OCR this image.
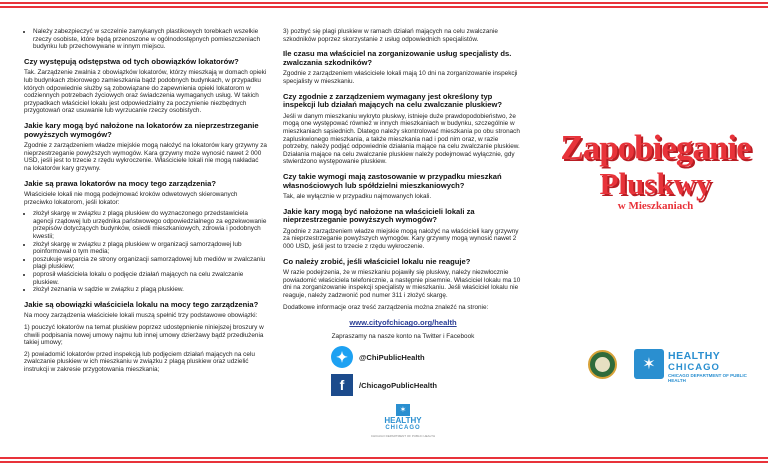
• Należy zabezpieczyć w szczelnie zamykanych plastikowych torebkach wszelkie rzeczy osobiste, które będą przenoszone w ogólnodostępnych pomieszczeniach budynku lub przechowywane w innym miejscu.
Czy występują odstępstwa od tych obowiązków lokatorów?

Tak. Zarządzenie zwalnia z obowiązków lokatorów, którzy mieszkają w domach opieki lub budynkach zbiorowego zamieszkania bądź podobnych budynkach, w przypadku których odpowiednie służby są zobowiązane do zapewnienia opieki lokatorom w codziennych potrzebach życiowych oraz świadczenia wymaganych usług. W takich przypadkach właściciel lokalu jest odpowiedzialny za poczynienie niezbędnych przygotowań oraz usuwanie lub wyrzucanie rzeczy osobistych.

Jakie kary mogą być nałożone na lokatorów za nieprzestrzeganie powyższych wymogów?

Zgodnie z zarządzeniem władze miejskie mogą nałożyć na lokatorów kary grzywny za nieprzestrzeganie powyższych wymogów. Kara grzywny może wynosić nawet 2 000 USD, jeśli jest to trzecie z rzędu wykroczenie. Właściciele lokali nie mogą nakładać na lokatorów kary grzywny.

Jakie są prawa lokatorów na mocy tego zarządzenia?

Właściciele lokali nie mogą podejmować kroków odwetowych skierowanych przeciwko lokatorom, jeśli lokator:

• złożył skargę w związku z plagą pluskiew do wyznaczonego przedstawiciela agencji rządowej lub urzędnika państwowego odpowiedzialnego za egzekwowanie przepisów dotyczących budynków, osiedli mieszkaniowych, zdrowia i podobnych kwestii;
• złożył skargę w związku z plagą pluskiew w organizacji samorządowej lub poinformował o tym media;
• poszukuje wsparcia ze strony organizacji samorządowej lub mediów w zwalczaniu plagi pluskiew;
• poprosił właściciela lokalu o podjęcie działań mających na celu zwalczanie pluskiew.
• złożył zeznania w sądzie w związku z plagą pluskiew.
Jakie są obowiązki właściciela lokalu na mocy tego zarządzenia?

Na mocy zarządzenia właściciele lokali muszą spełnić trzy podstawowe obowiązki:

1) pouczyć lokatorów na temat pluskiew poprzez udostępnienie niniejszej broszury w chwili podpisania nowej umowy najmu lub innej umowy dzierżawy bądź przedłużenia takiej umowy;

2) powiadomić lokatorów przed inspekcją lub podjęciem działań mających na celu zwalczanie pluskiew w ich mieszkaniu w związku z plagą pluskiew oraz udzielić instrukcji w zakresie przygotowania mieszkania;

3) pozbyć się plagi pluskiew w ramach działań mających na celu zwalczanie szkodników poprzez skorzystanie z usług odpowiednich specjalistów.

Ile czasu ma właściciel na zorganizowanie usług specjalisty ds. zwalczania szkodników?

Zgodnie z zarządzeniem właściciele lokali mają 10 dni na zorganizowanie inspekcji specjalisty w mieszkaniu.

Czy zgodnie z zarządzeniem wymagany jest określony typ inspekcji lub działań mających na celu zwalczanie pluskiew?

Jeśli w danym mieszkaniu wykryto pluskwy, istnieje duże prawdopodobieństwo, że mogą one występować również w innych mieszkaniach w budynku, szczególnie w mieszkaniach sąsiednich. Dlatego należy skontrolować mieszkania po obu stronach zapluskwionego mieszkania, a także mieszkania nad i pod nim oraz, w razie potrzeby, należy podjąć odpowiednie działania mające na celu zwalczanie pluskiew. Działania mające na celu zwalczanie pluskiew należy podejmować wyłącznie, gdy stwierdzono występowanie pluskiew.

Czy takie wymogi mają zastosowanie w przypadku mieszkań własnościowych lub spółdzielni mieszkaniowych?

Tak, ale wyłącznie w przypadku najmowanych lokali.

Jakie kary mogą być nałożone na właścicieli lokali za nieprzestrzeganie powyższych wymogów?

Zgodnie z zarządzeniem władze miejskie mogą nałożyć na właścicieli kary grzywny za nieprzestrzeganie powyższych wymogów. Kary grzywny mogą wynosić nawet 2 000 USD, jeśli jest to trzecie z rzędu wykroczenie.

Co należy zrobić, jeśli właściciel lokalu nie reaguje?

W razie podejrzenia, że w mieszkaniu pojawiły się pluskwy, należy niezwłocznie powiadomić właściciela telefonicznie, a następnie pisemnie. Właściciel lokalu ma 10 dni na zorganizowanie inspekcji specjalisty w mieszkaniu. Jeśli właściciel lokalu nie reaguje, należy zadzwonić pod numer 311 i złożyć skargę.

Dodatkowe informacje oraz treść zarządzenia można znaleźć na stronie:

www.cityofchicago.org/health
Zapraszamy na nasze konto na Twitter i Facebook
✦	@ChiPublicHealth
f	/ChicagoPublicHealth
✶
HEALTHY
CHICAGO
CHICAGO DEPARTMENT OF PUBLIC HEALTH
Zapobieganie
Pluskwy
w Mieszkaniach
✶ HEALTHY
CHICAGO
CHICAGO DEPARTMENT OF PUBLIC HEALTH
